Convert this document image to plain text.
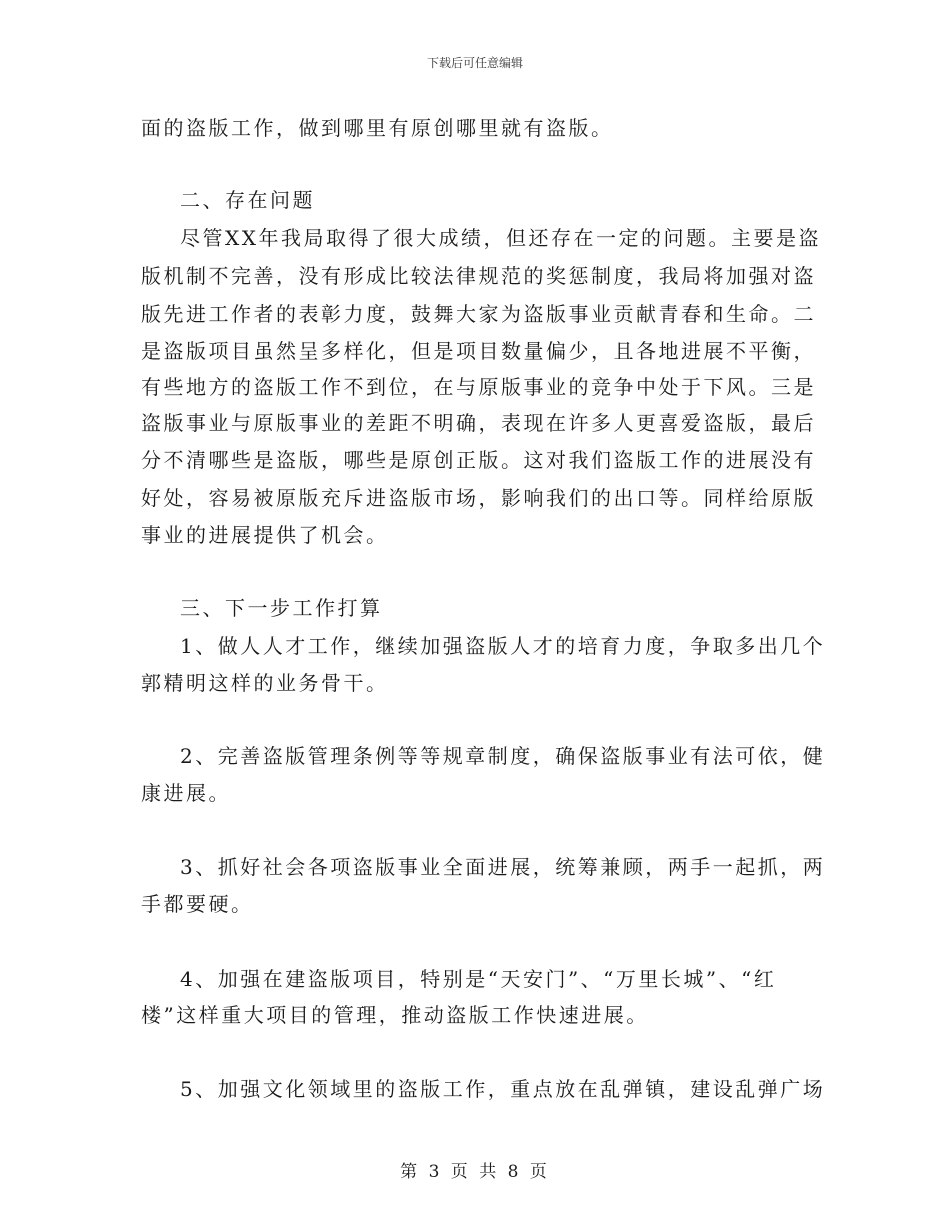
下载后可任意编辑
面的盗版工作，做到哪里有原创哪里就有盗版。
二、存在问题
尽管XX年我局取得了很大成绩，但还存在一定的问题。主要是盗
版机制不完善，没有形成比较法律规范的奖惩制度，我局将加强对盗
版先进工作者的表彰力度，鼓舞大家为盗版事业贡献青春和生命。二
是盗版项目虽然呈多样化，但是项目数量偏少，且各地进展不平衡，
有些地方的盗版工作不到位，在与原版事业的竞争中处于下风。三是
盗版事业与原版事业的差距不明确，表现在许多人更喜爱盗版，最后
分不清哪些是盗版，哪些是原创正版。这对我们盗版工作的进展没有
好处，容易被原版充斥进盗版市场，影响我们的出口等。同样给原版
事业的进展提供了机会。
三、下一步工作打算
1、做人人才工作，继续加强盗版人才的培育力度，争取多出几个
郭精明这样的业务骨干。
2、完善盗版管理条例等等规章制度，确保盗版事业有法可依，健
康进展。
3、抓好社会各项盗版事业全面进展，统筹兼顾，两手一起抓，两
手都要硬。
4、加强在建盗版项目，特别是“天安门”、“万里长城”、“红
楼”这样重大项目的管理，推动盗版工作快速进展。
5、加强文化领域里的盗版工作，重点放在乱弹镇，建设乱弹广场
第 3 页 共 8 页
